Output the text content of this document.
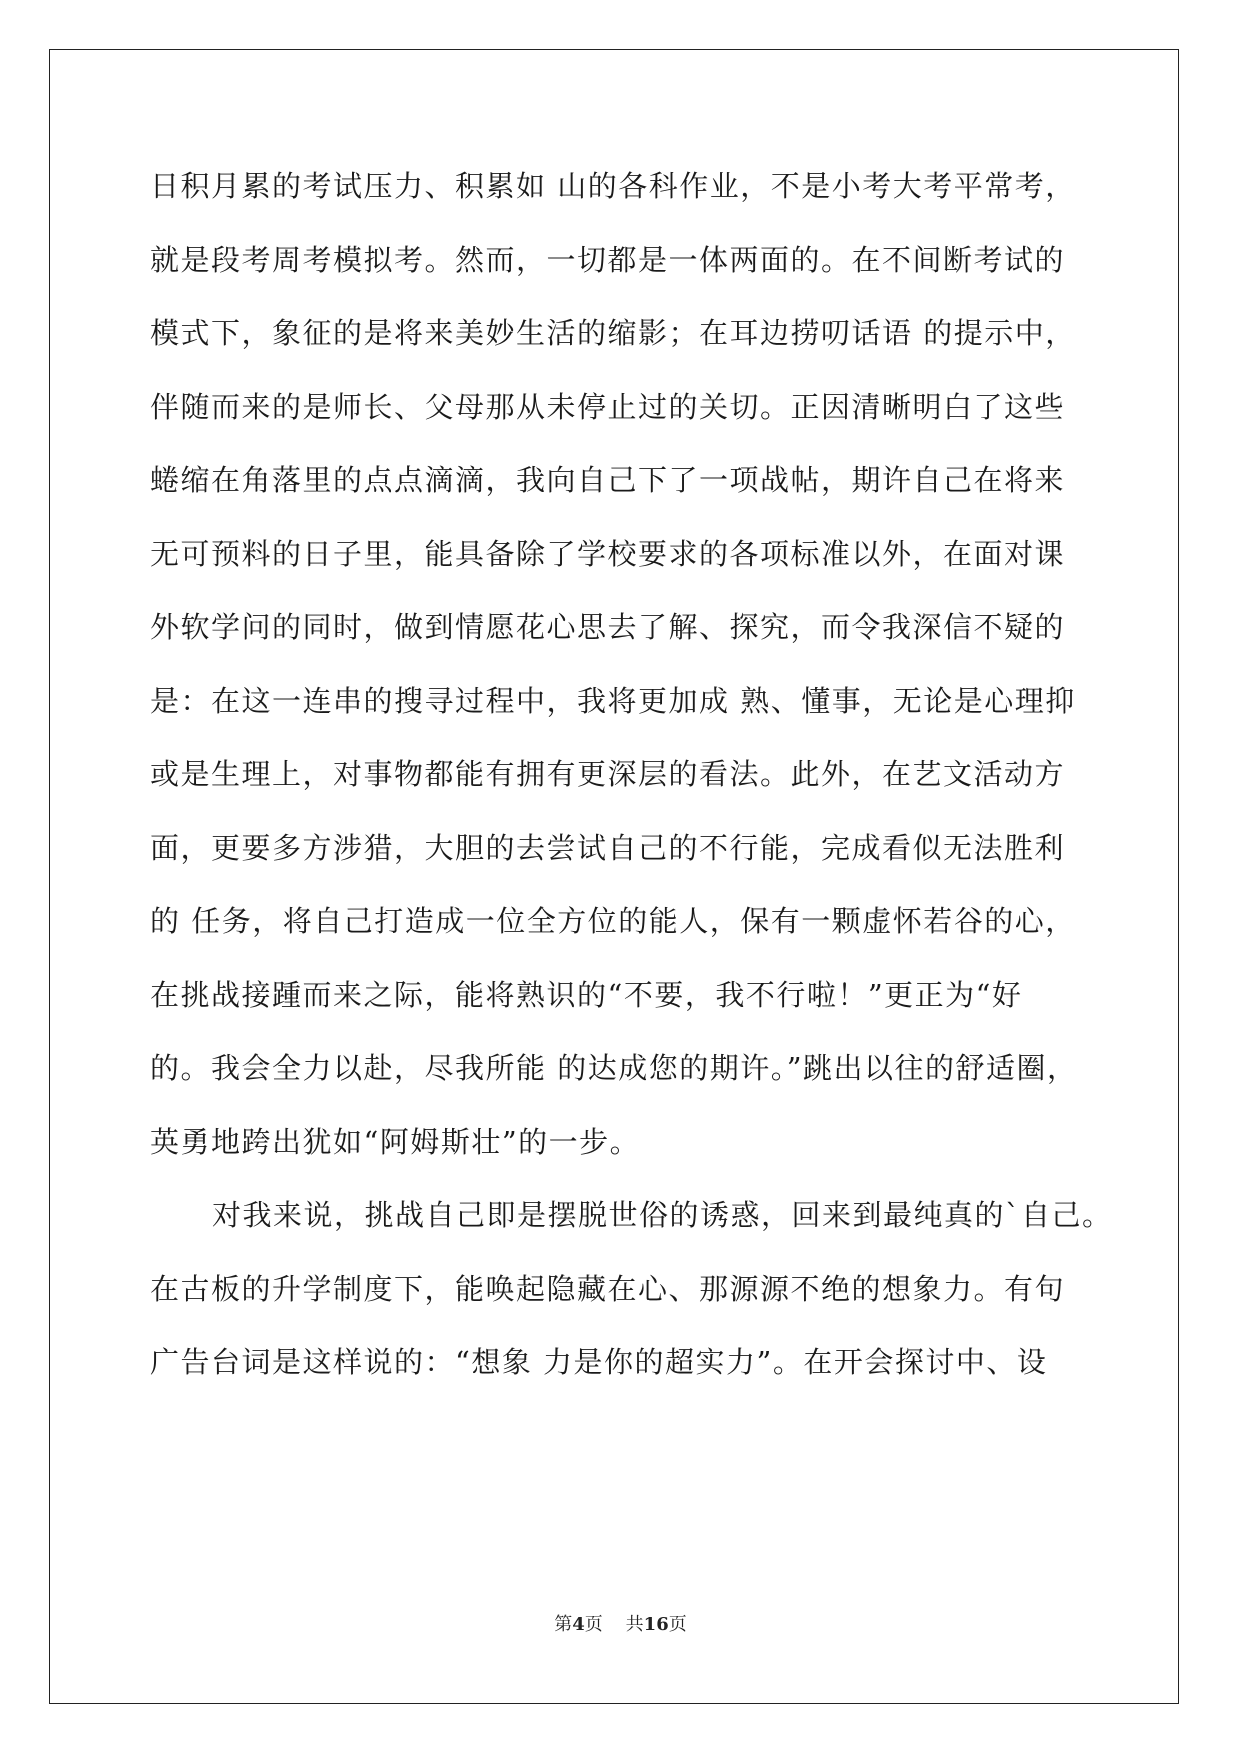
日积月累的考试压力、积累如 山的各科作业，不是小考大考平常考，
就是段考周考模拟考。然而，一切都是一体两面的。在不间断考试的
模式下，象征的是将来美妙生活的缩影；在耳边捞叨话语 的提示中，
伴随而来的是师长、父母那从未停止过的关切。正因清晰明白了这些
蜷缩在角落里的点点滴滴，我向自己下了一项战帖，期许自己在将来
无可预料的日子里，能具备除了学校要求的各项标准以外，在面对课
外软学问的同时，做到情愿花心思去了解、探究，而令我深信不疑的
是：在这一连串的搜寻过程中，我将更加成 熟、懂事，无论是心理抑
或是生理上，对事物都能有拥有更深层的看法。此外，在艺文活动方
面，更要多方涉猎，大胆的去尝试自己的不行能，完成看似无法胜利
的 任务，将自己打造成一位全方位的能人，保有一颗虚怀若谷的心，
在挑战接踵而来之际，能将熟识的“不要，我不行啦！”更正为“好
的。我会全力以赴，尽我所能 的达成您的期许。”跳出以往的舒适圈，
英勇地跨出犹如“阿姆斯壮”的一步。
对我来说，挑战自己即是摆脱世俗的诱惑，回来到最纯真的`自己。
在古板的升学制度下，能唤起隐藏在心、那源源不绝的想象力。有句
广告台词是这样说的：“想象 力是你的超实力”。在开会探讨中、设
第4页 共16页
